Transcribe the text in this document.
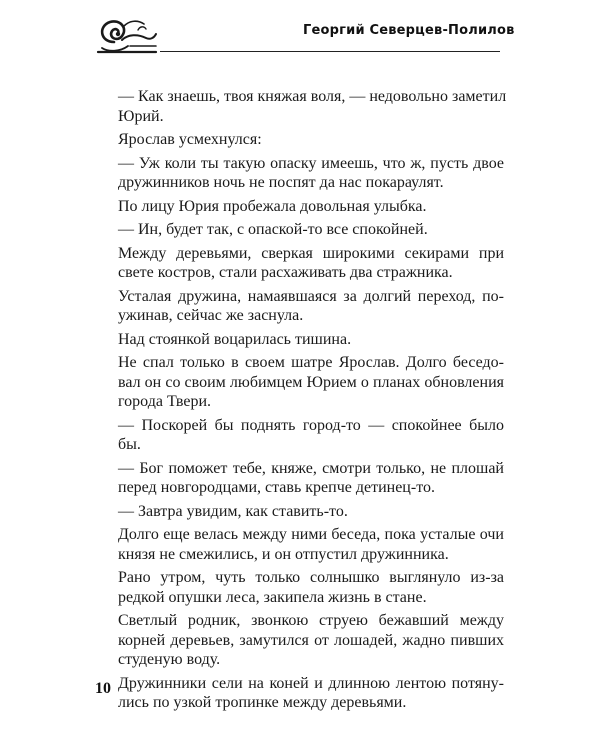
Георгий Северцев-Полилов
— Как знаешь, твоя княжая воля, — недовольно заметил
Юрий.
Ярослав усмехнулся:
— Уж коли ты такую опаску имеешь, что ж, пусть двое
дружинников ночь не поспят да нас покараулят.
По лицу Юрия пробежала довольная улыбка.
— Ин, будет так, с опаской-то все спокойней.
Между деревьями, сверкая широкими секирами при
свете костров, стали расхаживать два стражника.
Усталая дружина, намаявшаяся за долгий переход, по-
ужинав, сейчас же заснула.
Над стоянкой воцарилась тишина.
Не спал только в своем шатре Ярослав. Долго беседо-
вал он со своим любимцем Юрием о планах обновления
города Твери.
— Поскорей бы поднять город-то — спокойнее было
бы.
— Бог поможет тебе, княже, смотри только, не плошай
перед новгородцами, ставь крепче детинец-то.
— Завтра увидим, как ставить-то.
Долго еще велась между ними беседа, пока усталые очи
князя не смежились, и он отпустил дружинника.
Рано утром, чуть только солнышко выглянуло из-за
редкой опушки леса, закипела жизнь в стане.
Светлый родник, звонкою струею бежавший между
корней деревьев, замутился от лошадей, жадно пивших
студеную воду.
Дружинники сели на коней и длинною лентою потяну-
лись по узкой тропинке между деревьями.
10
